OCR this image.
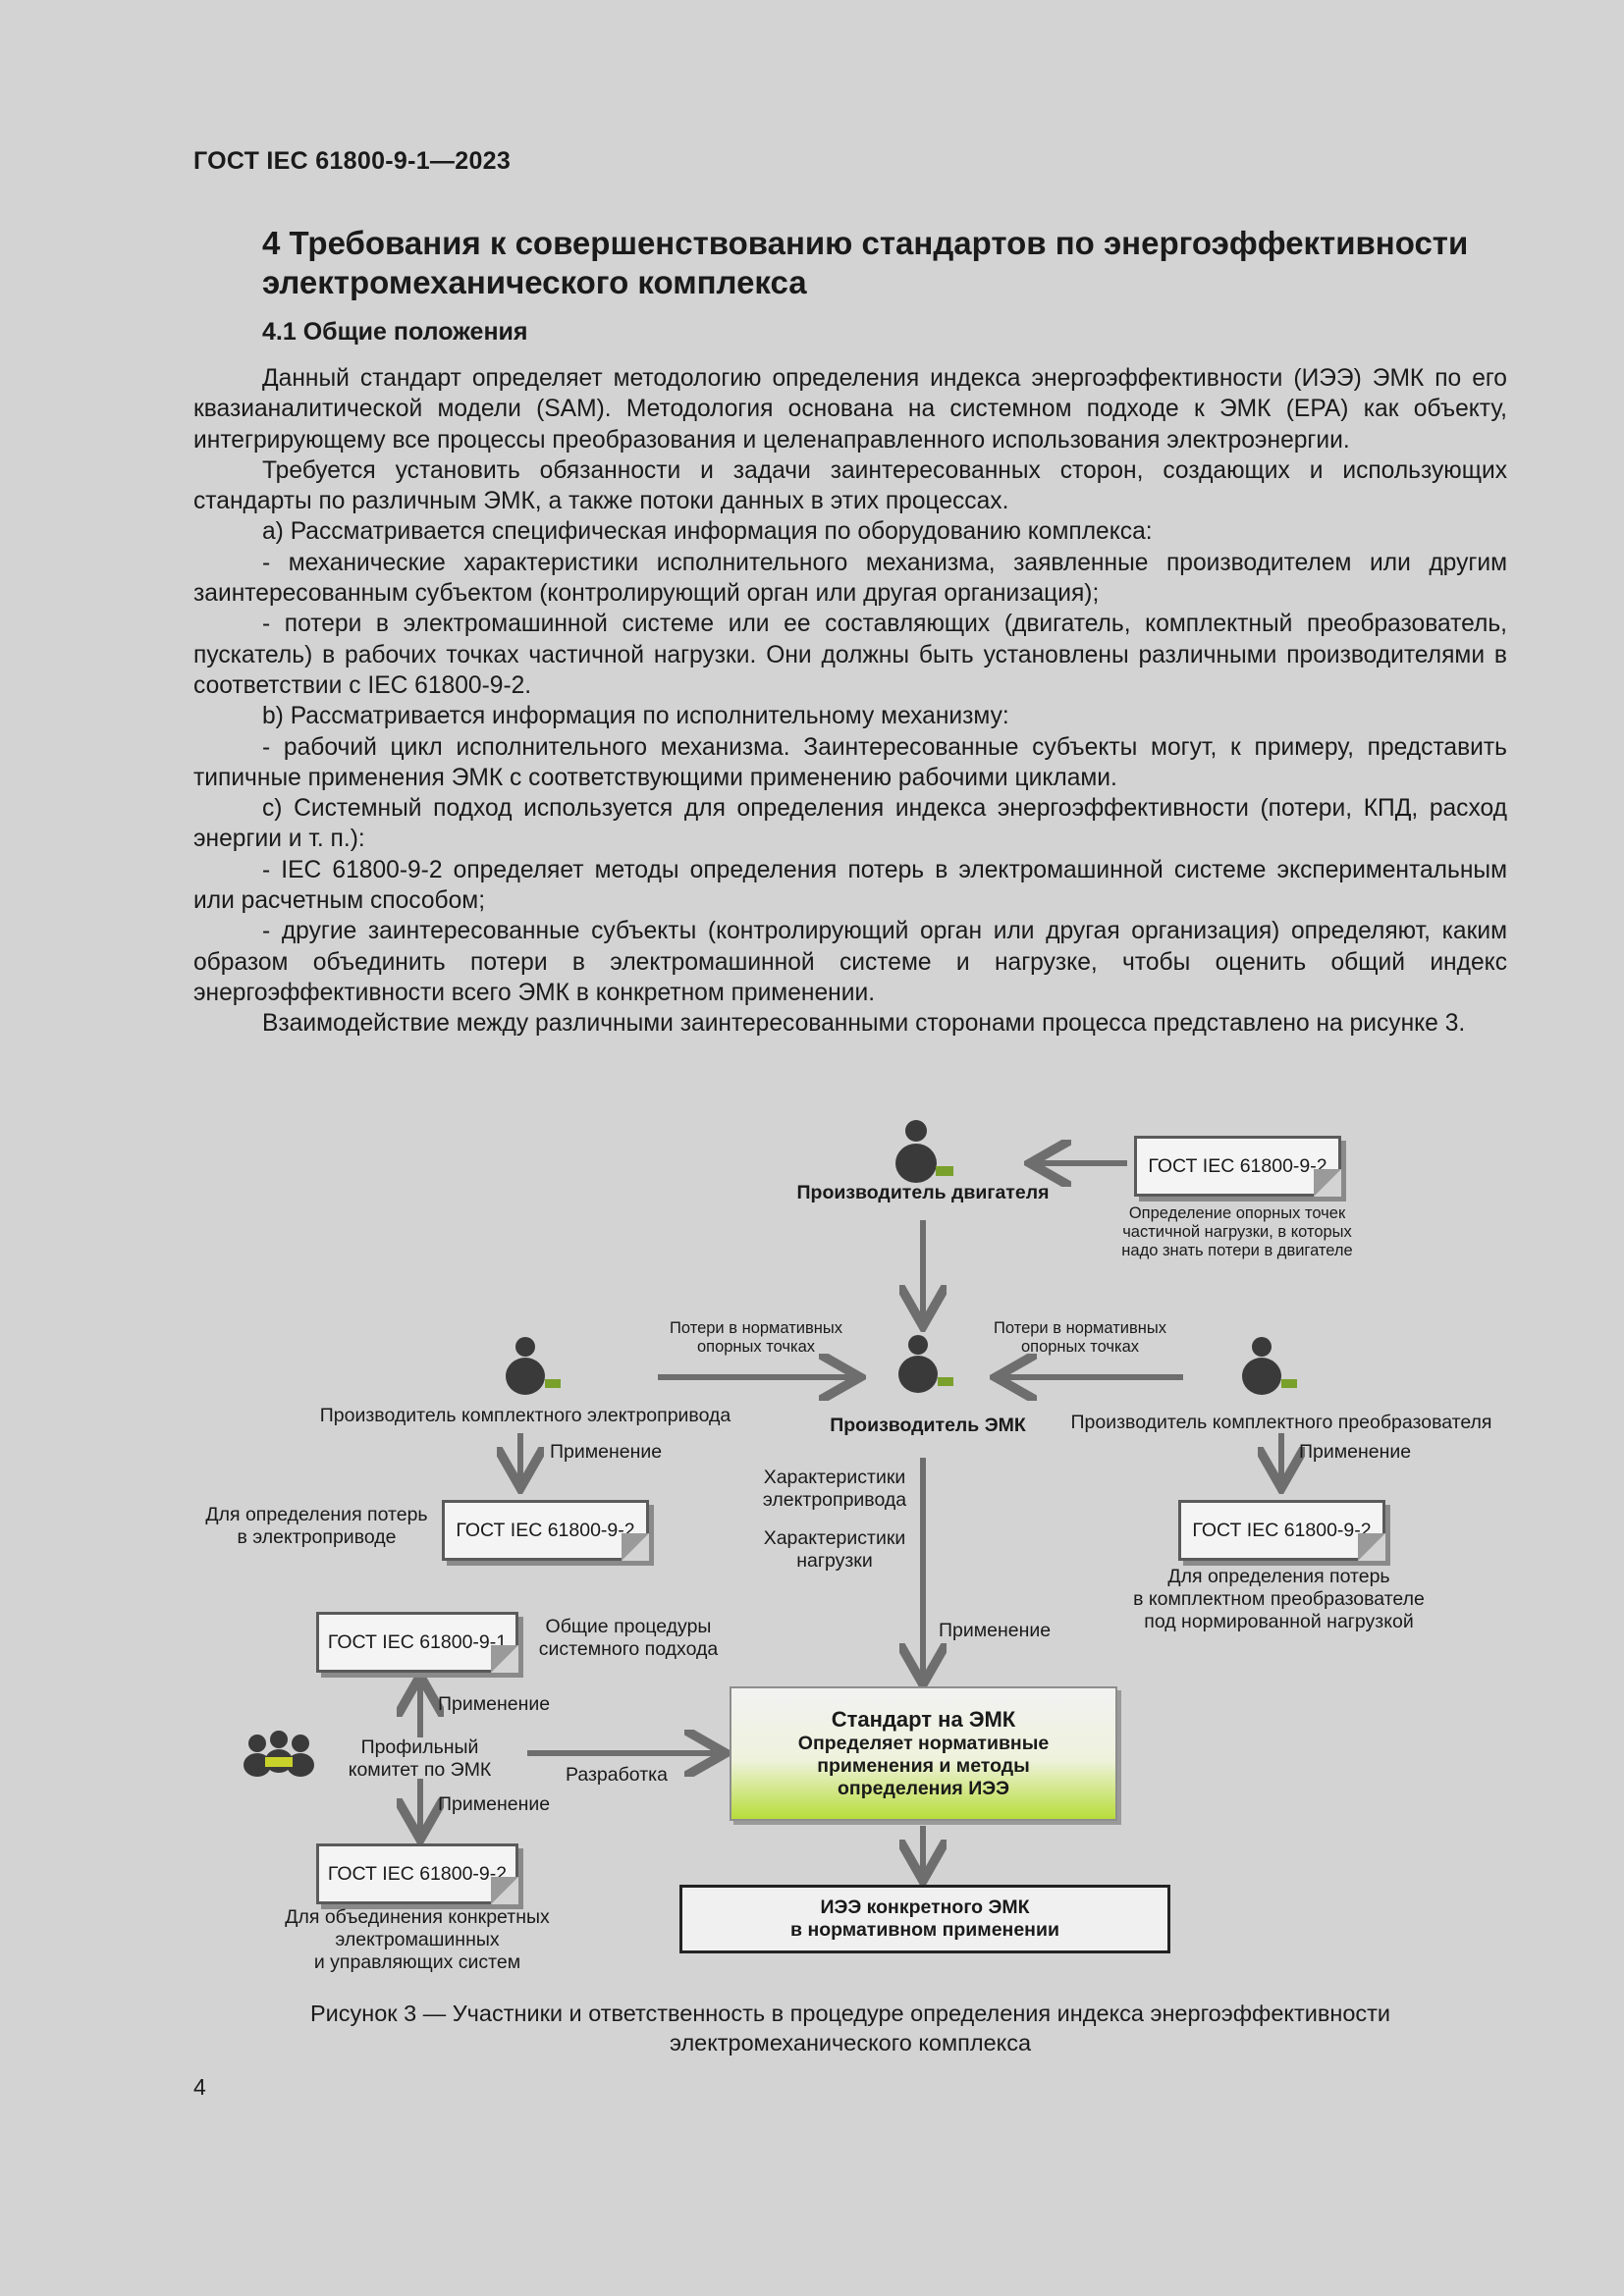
ГОСТ IEC 61800-9-1—2023
4 Требования к совершенствованию стандартов по энергоэффективности
электромеханического комплекса
4.1 Общие положения

Данный стандарт определяет методологию определения индекса энергоэффективности (ИЭЭ) ЭМК по его квазианалитической модели (SAM). Методология основана на системном подходе к ЭМК (EPA) как объекту, интегрирующему все процессы преобразования и целенаправленного использования электроэнергии.

Требуется установить обязанности и задачи заинтересованных сторон, создающих и использующих стандарты по различным ЭМК, а также потоки данных в этих процессах.

a) Рассматривается специфическая информация по оборудованию комплекса:

- механические характеристики исполнительного механизма, заявленные производителем или другим заинтересованным субъектом (контролирующий орган или другая организация);

- потери в электромашинной системе или ее составляющих (двигатель, комплектный преобразователь, пускатель) в рабочих точках частичной нагрузки. Они должны быть установлены различными производителями в соответствии с IEC 61800-9-2.

b) Рассматривается информация по исполнительному механизму:

- рабочий цикл исполнительного механизма. Заинтересованные субъекты могут, к примеру, представить типичные применения ЭМК с соответствующими применению рабочими циклами.

c) Системный подход используется для определения индекса энергоэффективности (потери, КПД, расход энергии и т. п.):

- IEC 61800-9-2 определяет методы определения потерь в электромашинной системе экспериментальным или расчетным способом;

- другие заинтересованные субъекты (контролирующий орган или другая организация) определяют, каким образом объединить потери в электромашинной системе и нагрузке, чтобы оценить общий индекс энергоэффективности всего ЭМК в конкретном применении.

Взаимодействие между различными заинтересованными сторонами процесса представлено на рисунке 3.

Производитель двигателя
ГОСТ IEC 61800-9-2
Определение опорных точек
частичной нагрузки, в которых
надо знать потери в двигателе
Потери в нормативных
опорных точках
Потери в нормативных
опорных точках
Производитель комплектного электропривода	Производитель ЭМК	Производитель комплектного преобразователя
Применение	Применение
Для определения потерь
в электроприводе	ГОСТ IEC 61800-9-2	ГОСТ IEC 61800-9-2
Для определения потерь
в комплектном преобразователе
под нормированной нагрузкой
Характеристики
электропривода
Характеристики
нагрузки
Применение
ГОСТ IEC 61800-9-1
Общие процедуры
системного подхода
Применение
Профильный
комитет по ЭМК	Разработка
Применение
ГОСТ IEC 61800-9-2
Для объединения конкретных
электромашинных
и управляющих систем
Стандарт на ЭМК
Определяет нормативные
применения и методы
определения ИЭЭ
ИЭЭ конкретного ЭМК
в нормативном применении
Рисунок 3 — Участники и ответственность в процедуре определения индекса энергоэффективности
электромеханического комплекса
4
